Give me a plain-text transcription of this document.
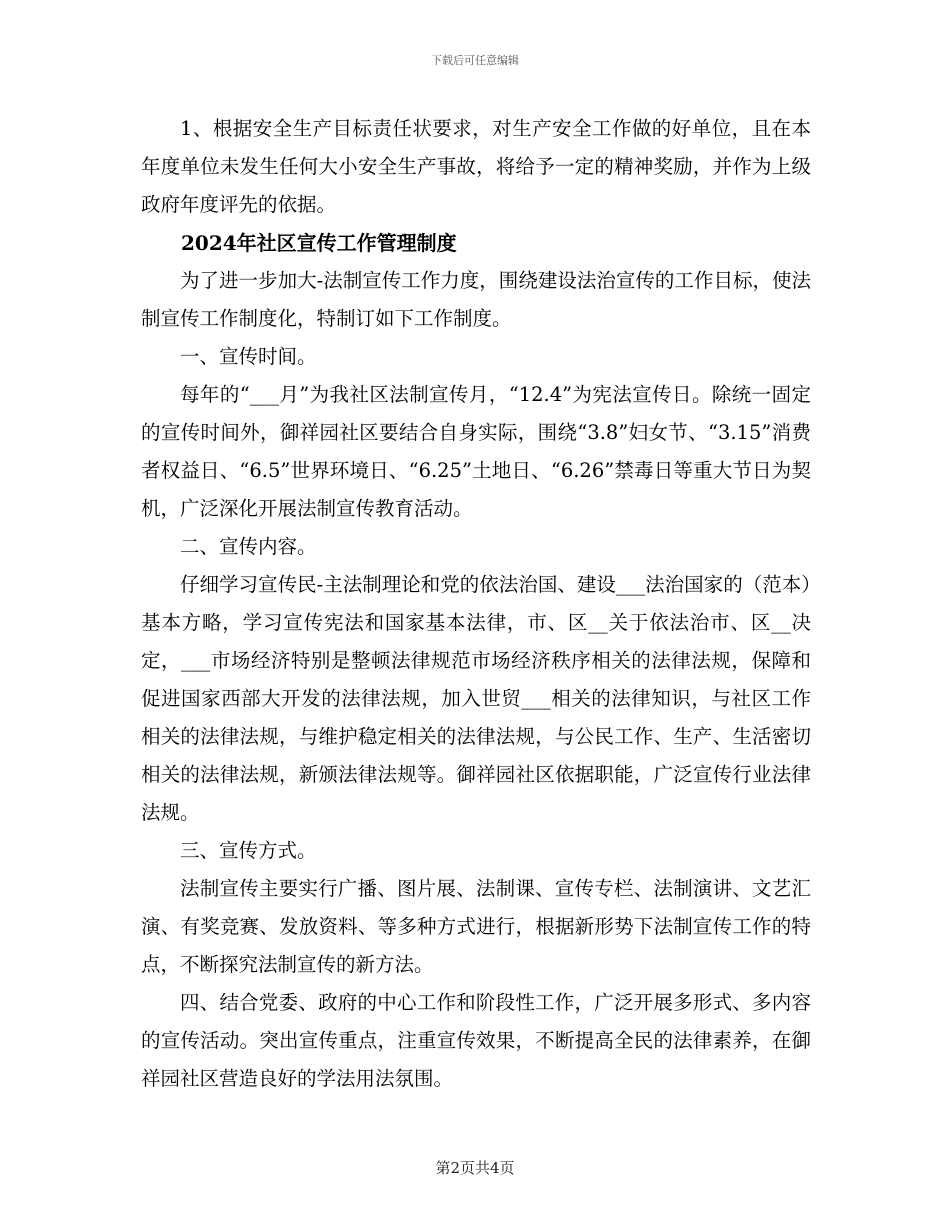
下载后可任意编辑

1、根据安全生产目标责任状要求，对生产安全工作做的好单位，且在本年度单位未发生任何大小安全生产事故，将给予一定的精神奖励，并作为上级政府年度评先的依据。

2024年社区宣传工作管理制度

为了进一步加大-法制宣传工作力度，围绕建设法治宣传的工作目标，使法制宣传工作制度化，特制订如下工作制度。

一、宣传时间。

每年的“___月”为我社区法制宣传月，“12.4”为宪法宣传日。除统一固定的宣传时间外，御祥园社区要结合自身实际，围绕“3.8”妇女节、“3.15”消费者权益日、“6.5”世界环境日、“6.25”土地日、“6.26”禁毒日等重大节日为契机，广泛深化开展法制宣传教育活动。

二、宣传内容。

仔细学习宣传民-主法制理论和党的依法治国、建设___法治国家的（范本）基本方略，学习宣传宪法和国家基本法律，市、区__关于依法治市、区__决定，___市场经济特别是整顿法律规范市场经济秩序相关的法律法规，保障和促进国家西部大开发的法律法规，加入世贸___相关的法律知识，与社区工作相关的法律法规，与维护稳定相关的法律法规，与公民工作、生产、生活密切相关的法律法规，新颁法律法规等。御祥园社区依据职能，广泛宣传行业法律法规。

三、宣传方式。

法制宣传主要实行广播、图片展、法制课、宣传专栏、法制演讲、文艺汇演、有奖竞赛、发放资料、等多种方式进行，根据新形势下法制宣传工作的特点，不断探究法制宣传的新方法。

四、结合党委、政府的中心工作和阶段性工作，广泛开展多形式、多内容的宣传活动。突出宣传重点，注重宣传效果，不断提高全民的法律素养，在御祥园社区营造良好的学法用法氛围。

第2页共4页
